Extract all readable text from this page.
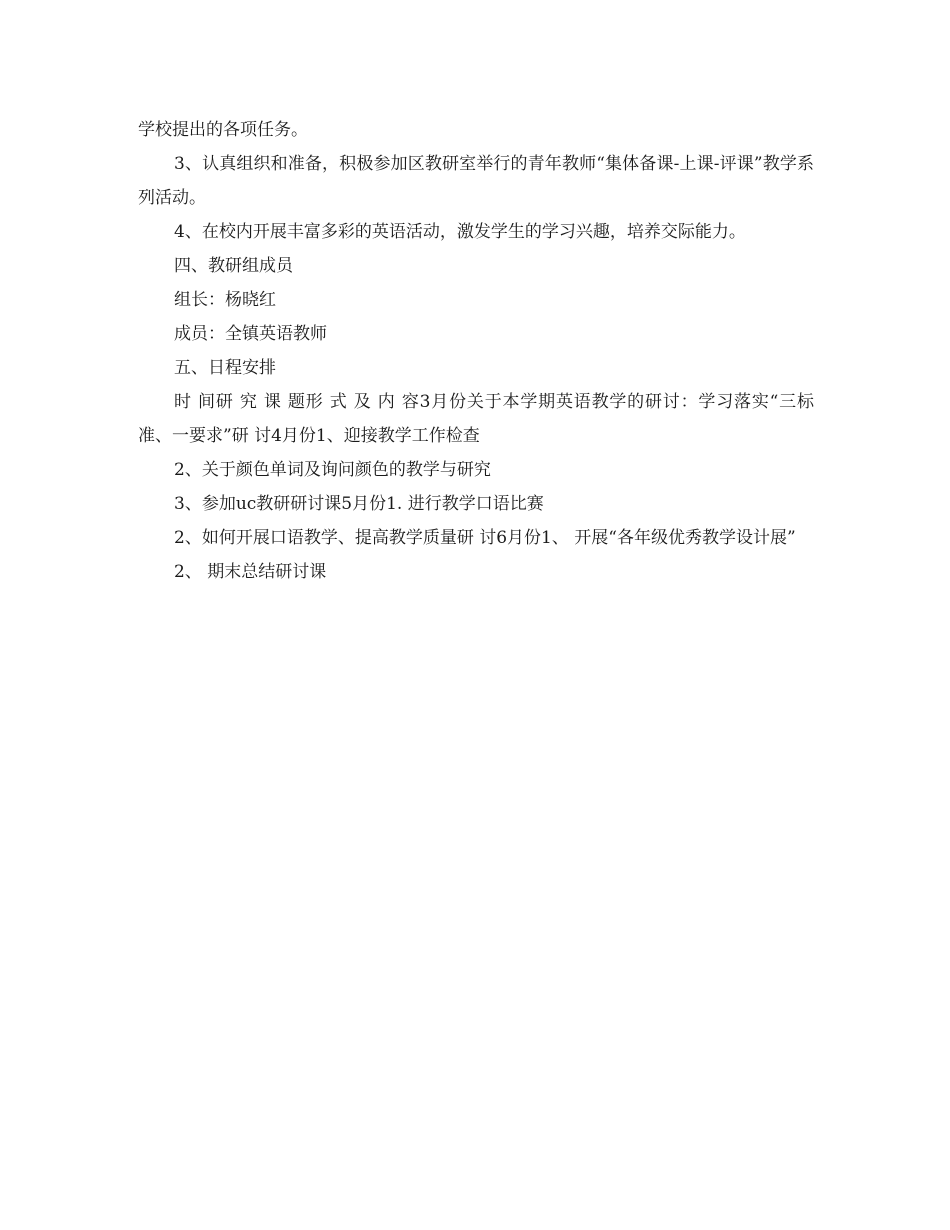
学校提出的各项任务。

3、认真组织和准备，积极参加区教研室举行的青年教师“集体备课-上课-评课”教学系列活动。

4、在校内开展丰富多彩的英语活动，激发学生的学习兴趣，培养交际能力。

四、教研组成员

组长：杨晓红

成员：全镇英语教师

五、日程安排

时 间研 究 课 题形 式 及 内 容3月份关于本学期英语教学的研讨：学习落实“三标准、一要求”研 讨4月份1、迎接教学工作检查

2、关于颜色单词及询问颜色的教学与研究

3、参加uc教研研讨课5月份1. 进行教学口语比赛

2、如何开展口语教学、提高教学质量研 讨6月份1、 开展“各年级优秀教学设计展”

2、 期末总结研讨课
